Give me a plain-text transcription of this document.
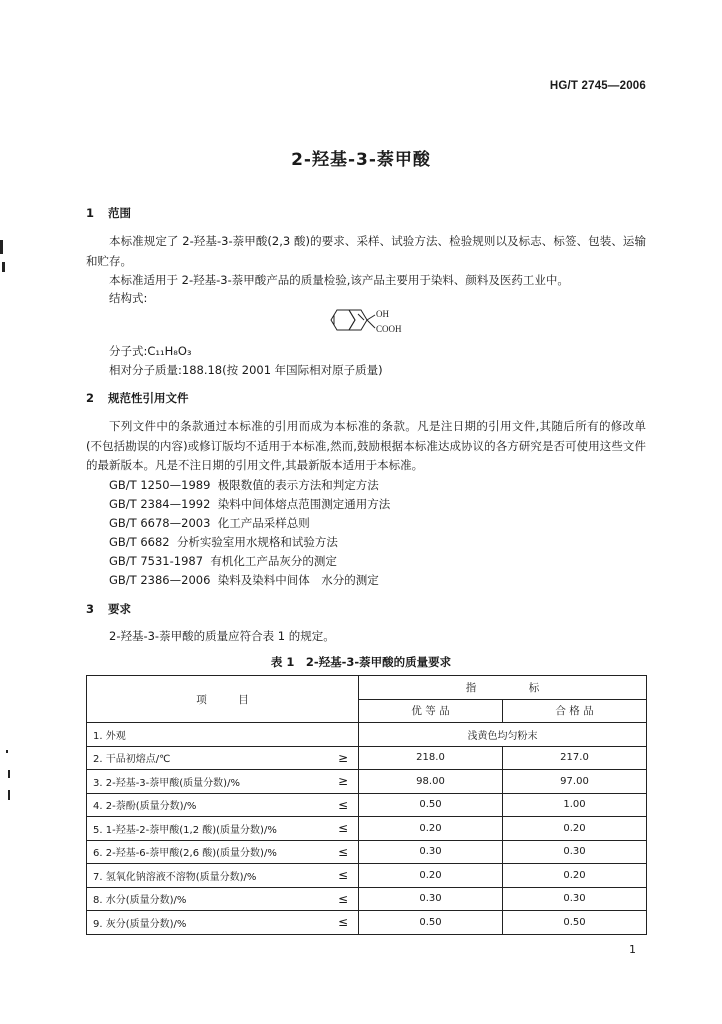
HG/T 2745—2006
2-羟基-3-萘甲酸
1 范围

本标准规定了 2-羟基-3-萘甲酸(2,3 酸)的要求、采样、试验方法、检验规则以及标志、标签、包装、运输和贮存。

本标准适用于 2-羟基-3-萘甲酸产品的质量检验,该产品主要用于染料、颜料及医药工业中。

结构式:
OH
COOH
分子式:C₁₁H₈O₃
相对分子质量:188.18(按 2001 年国际相对原子质量)
2 规范性引用文件

下列文件中的条款通过本标准的引用而成为本标准的条款。凡是注日期的引用文件,其随后所有的修改单(不包括勘误的内容)或修订版均不适用于本标准,然而,鼓励根据本标准达成协议的各方研究是否可使用这些文件的最新版本。凡是不注日期的引用文件,其最新版本适用于本标准。

GB/T 1250—1989 极限数值的表示方法和判定方法
GB/T 2384—1992 染料中间体熔点范围测定通用方法
GB/T 6678—2003 化工产品采样总则
GB/T 6682 分析实验室用水规格和试验方法
GB/T 7531-1987 有机化工产品灰分的测定
GB/T 2386—2006 染料及染料中间体　水分的测定
3 要求
2-羟基-3-萘甲酸的质量应符合表 1 的规定。
表 1　2-羟基-3-萘甲酸的质量要求
项　　　目	指　　　　　标	
	优 等 品	合 格 品
1. 外观	浅黄色均匀粉末	

2. 干品初熔点/℃ ≥	218.0	217.0

3. 2-羟基-3-萘甲酸(质量分数)/% ≥	98.00	97.00

4. 2-萘酚(质量分数)/% ≤	0.50	1.00

5. 1-羟基-2-萘甲酸(1,2 酸)(质量分数)/% ≤	0.20	0.20

6. 2-羟基-6-萘甲酸(2,6 酸)(质量分数)/% ≤	0.30	0.30

7. 氢氧化钠溶液不溶物(质量分数)/% ≤	0.20	0.20

8. 水分(质量分数)/% ≤	0.30	0.30

9. 灰分(质量分数)/% ≤	0.50	0.50
1
